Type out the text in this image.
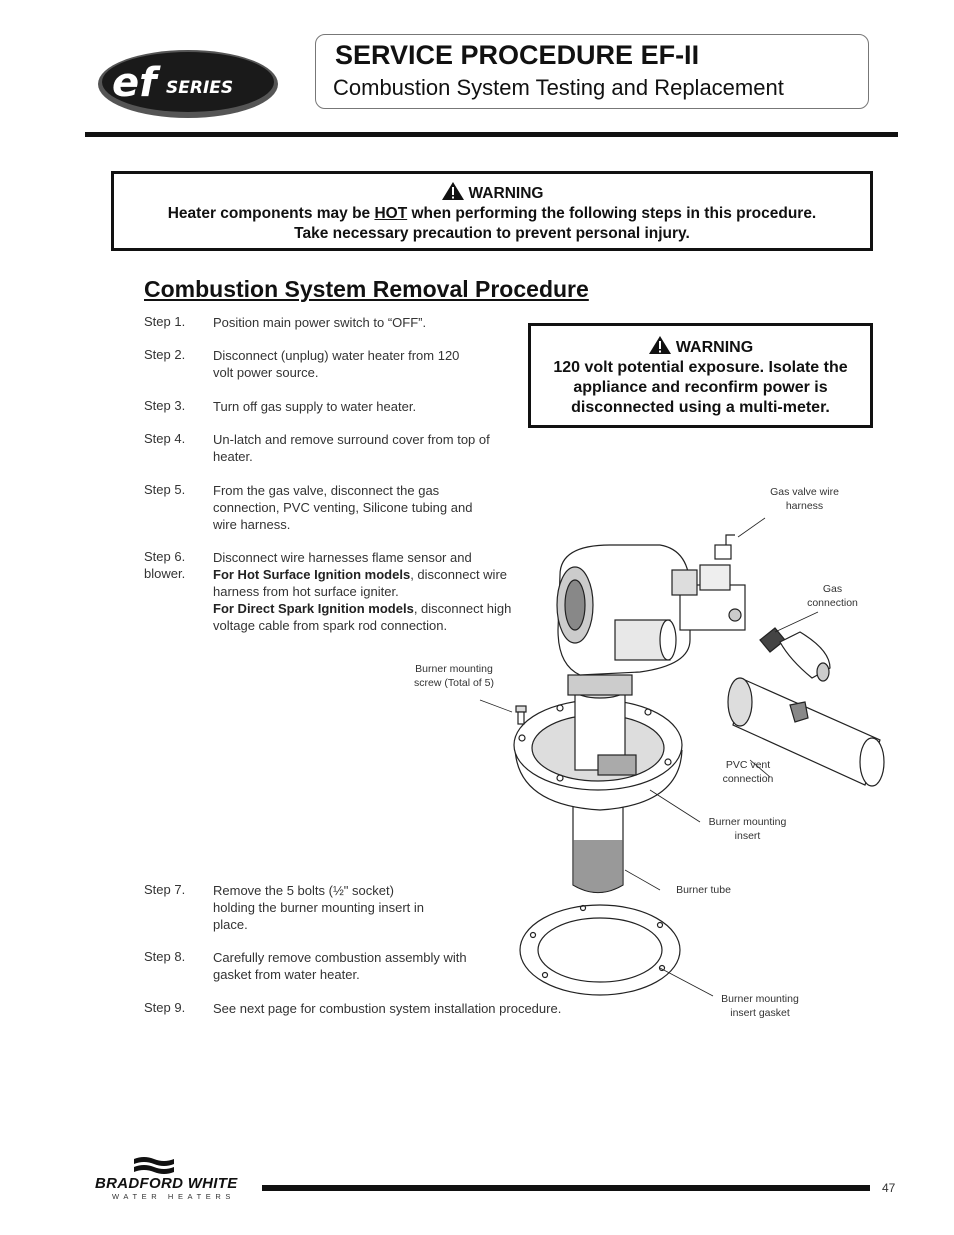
ef SERIES
SERVICE PROCEDURE EF-II
Combustion System Testing and Replacement
WARNING
Heater components may be HOT when performing the following steps in this procedure.
Take necessary precaution to prevent personal injury.
Combustion System Removal Procedure
WARNING
120 volt potential exposure. Isolate the appliance and reconfirm power is disconnected using a multi-meter.
Step 1. Position main power switch to “OFF”.
Step 2. Disconnect (unplug) water heater from 120 volt power source.
Step 3. Turn off gas supply to water heater.
Step 4. Un-latch and remove surround cover from top of heater.
Step 5. From the gas valve, disconnect the gas connection, PVC venting, Silicone tubing and wire harness.
Step 6.
blower.
Disconnect wire harnesses flame sensor and
For Hot Surface Ignition models, disconnect wire harness from hot surface igniter.
For Direct Spark Ignition models, disconnect high voltage cable from spark rod connection.
Step 7. Remove the 5 bolts (½" socket) holding the burner mounting insert in place.
Step 8. Carefully remove combustion assembly with gasket from water heater.
Step 9. See next page for combustion system installation procedure.
Gas valve wire harness
Gas connection
Burner mounting screw (Total of 5)
PVC vent connection
Burner mounting insert
Burner tube
Burner mounting insert gasket
BRADFORD WHITE
WATER HEATERS
47
